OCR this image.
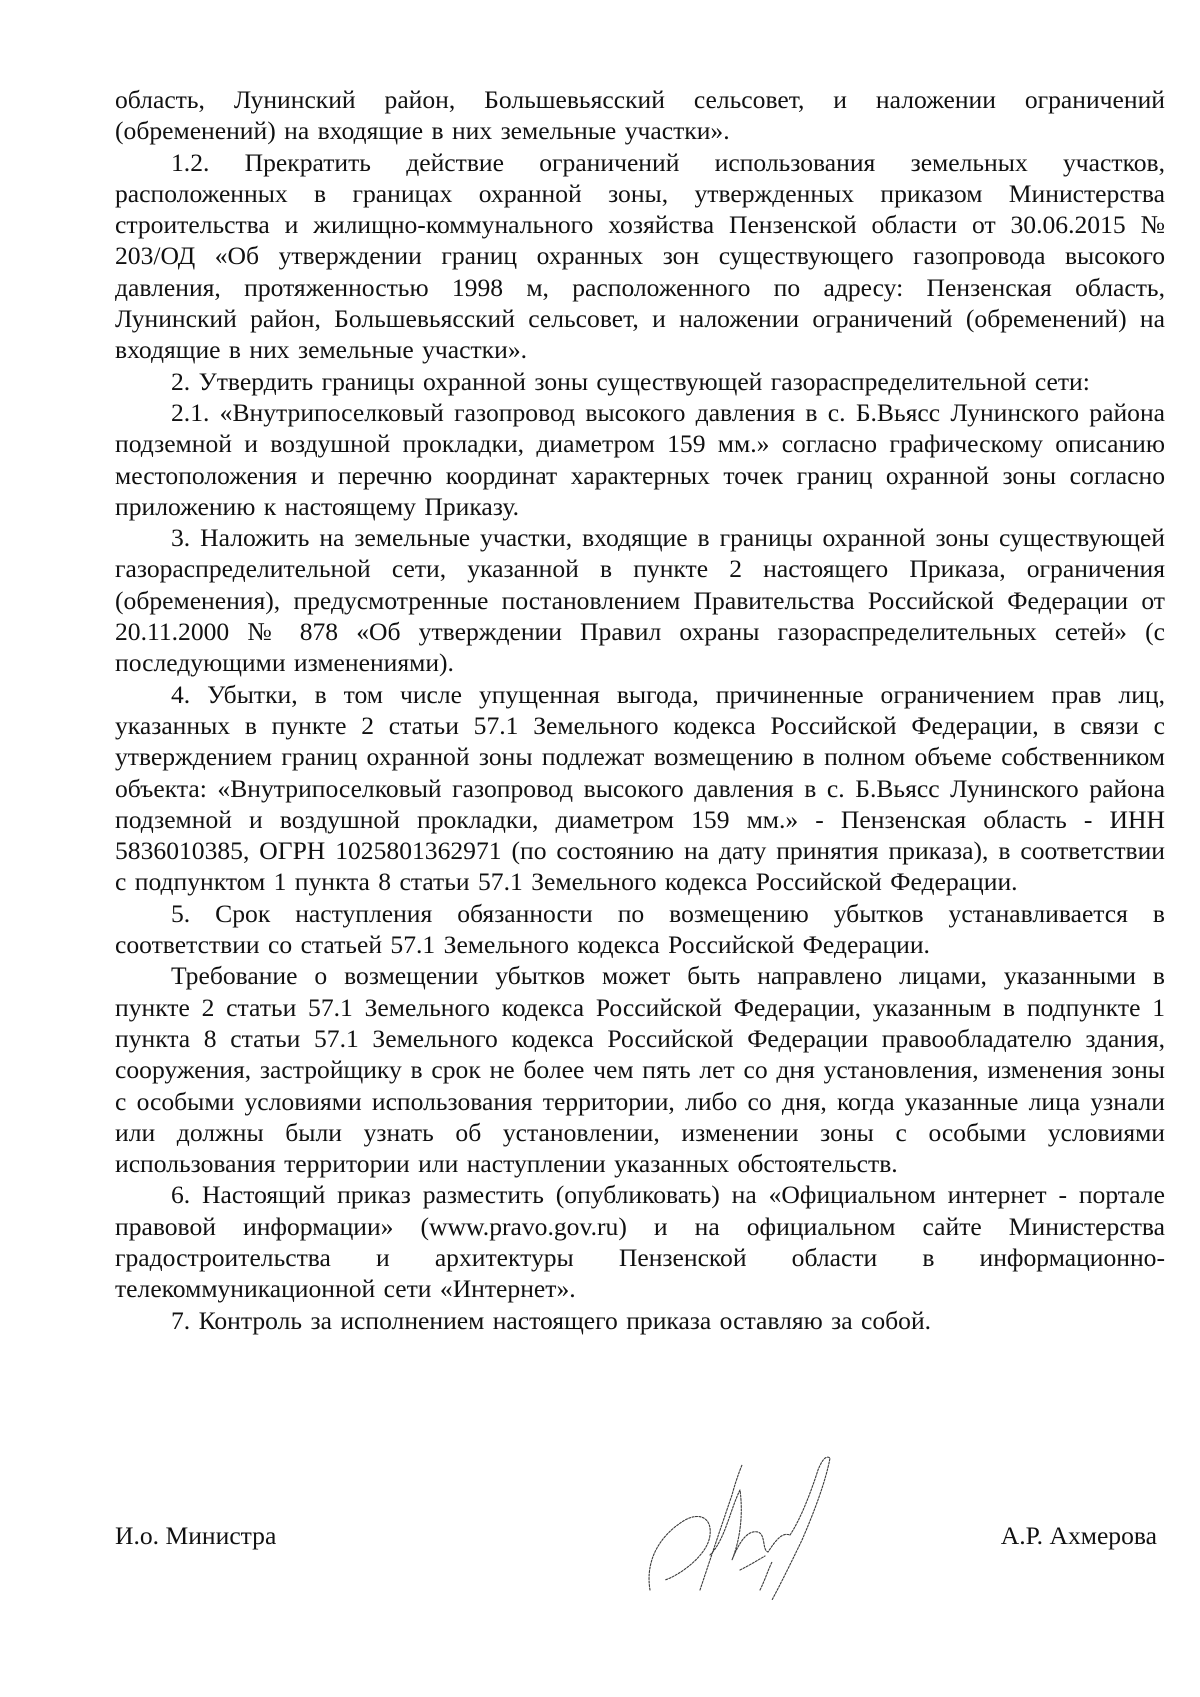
область, Лунинский район, Большевьясский сельсовет, и наложении ограничений (обременений) на входящие в них земельные участки».

1.2. Прекратить действие ограничений использования земельных участков, расположенных в границах охранной зоны, утвержденных приказом Министерства строительства и жилищно-коммунального хозяйства Пензенской области от 30.06.2015 № 203/ОД «Об утверждении границ охранных зон существующего газопровода высокого давления, протяженностью 1998 м, расположенного по адресу: Пензенская область, Лунинский район, Большевьясский сельсовет, и наложении ограничений (обременений) на входящие в них земельные участки».

2. Утвердить границы охранной зоны существующей газораспределительной сети:

2.1. «Внутрипоселковый газопровод высокого давления в с. Б.Вьясс Лунинского района подземной и воздушной прокладки, диаметром 159 мм.» согласно графическому описанию местоположения и перечню координат характерных точек границ охранной зоны согласно приложению к настоящему Приказу.

3. Наложить на земельные участки, входящие в границы охранной зоны существующей газораспределительной сети, указанной в пункте 2 настоящего Приказа, ограничения (обременения), предусмотренные постановлением Правительства Российской Федерации от 20.11.2000 № 878 «Об утверждении Правил охраны газораспределительных сетей» (с последующими изменениями).

4. Убытки, в том числе упущенная выгода, причиненные ограничением прав лиц, указанных в пункте 2 статьи 57.1 Земельного кодекса Российской Федерации, в связи с утверждением границ охранной зоны подлежат возмещению в полном объеме собственником объекта: «Внутрипоселковый газопровод высокого давления в с. Б.Вьясс Лунинского района подземной и воздушной прокладки, диаметром 159 мм.» - Пензенская область - ИНН 5836010385, ОГРН 1025801362971 (по состоянию на дату принятия приказа), в соответствии с подпунктом 1 пункта 8 статьи 57.1 Земельного кодекса Российской Федерации.

5. Срок наступления обязанности по возмещению убытков устанавливается в соответствии со статьей 57.1 Земельного кодекса Российской Федерации.

Требование о возмещении убытков может быть направлено лицами, указанными в пункте 2 статьи 57.1 Земельного кодекса Российской Федерации, указанным в подпункте 1 пункта 8 статьи 57.1 Земельного кодекса Российской Федерации правообладателю здания, сооружения, застройщику в срок не более чем пять лет со дня установления, изменения зоны с особыми условиями использования территории, либо со дня, когда указанные лица узнали или должны были узнать об установлении, изменении зоны с особыми условиями использования территории или наступлении указанных обстоятельств.

6. Настоящий приказ разместить (опубликовать) на «Официальном интернет - портале правовой информации» (www.pravo.gov.ru) и на официальном сайте Министерства градостроительства и архитектуры Пензенской области в информационно-телекоммуникационной сети «Интернет».

7. Контроль за исполнением настоящего приказа оставляю за собой.

И.о. Министра	А.Р. Ахмерова
